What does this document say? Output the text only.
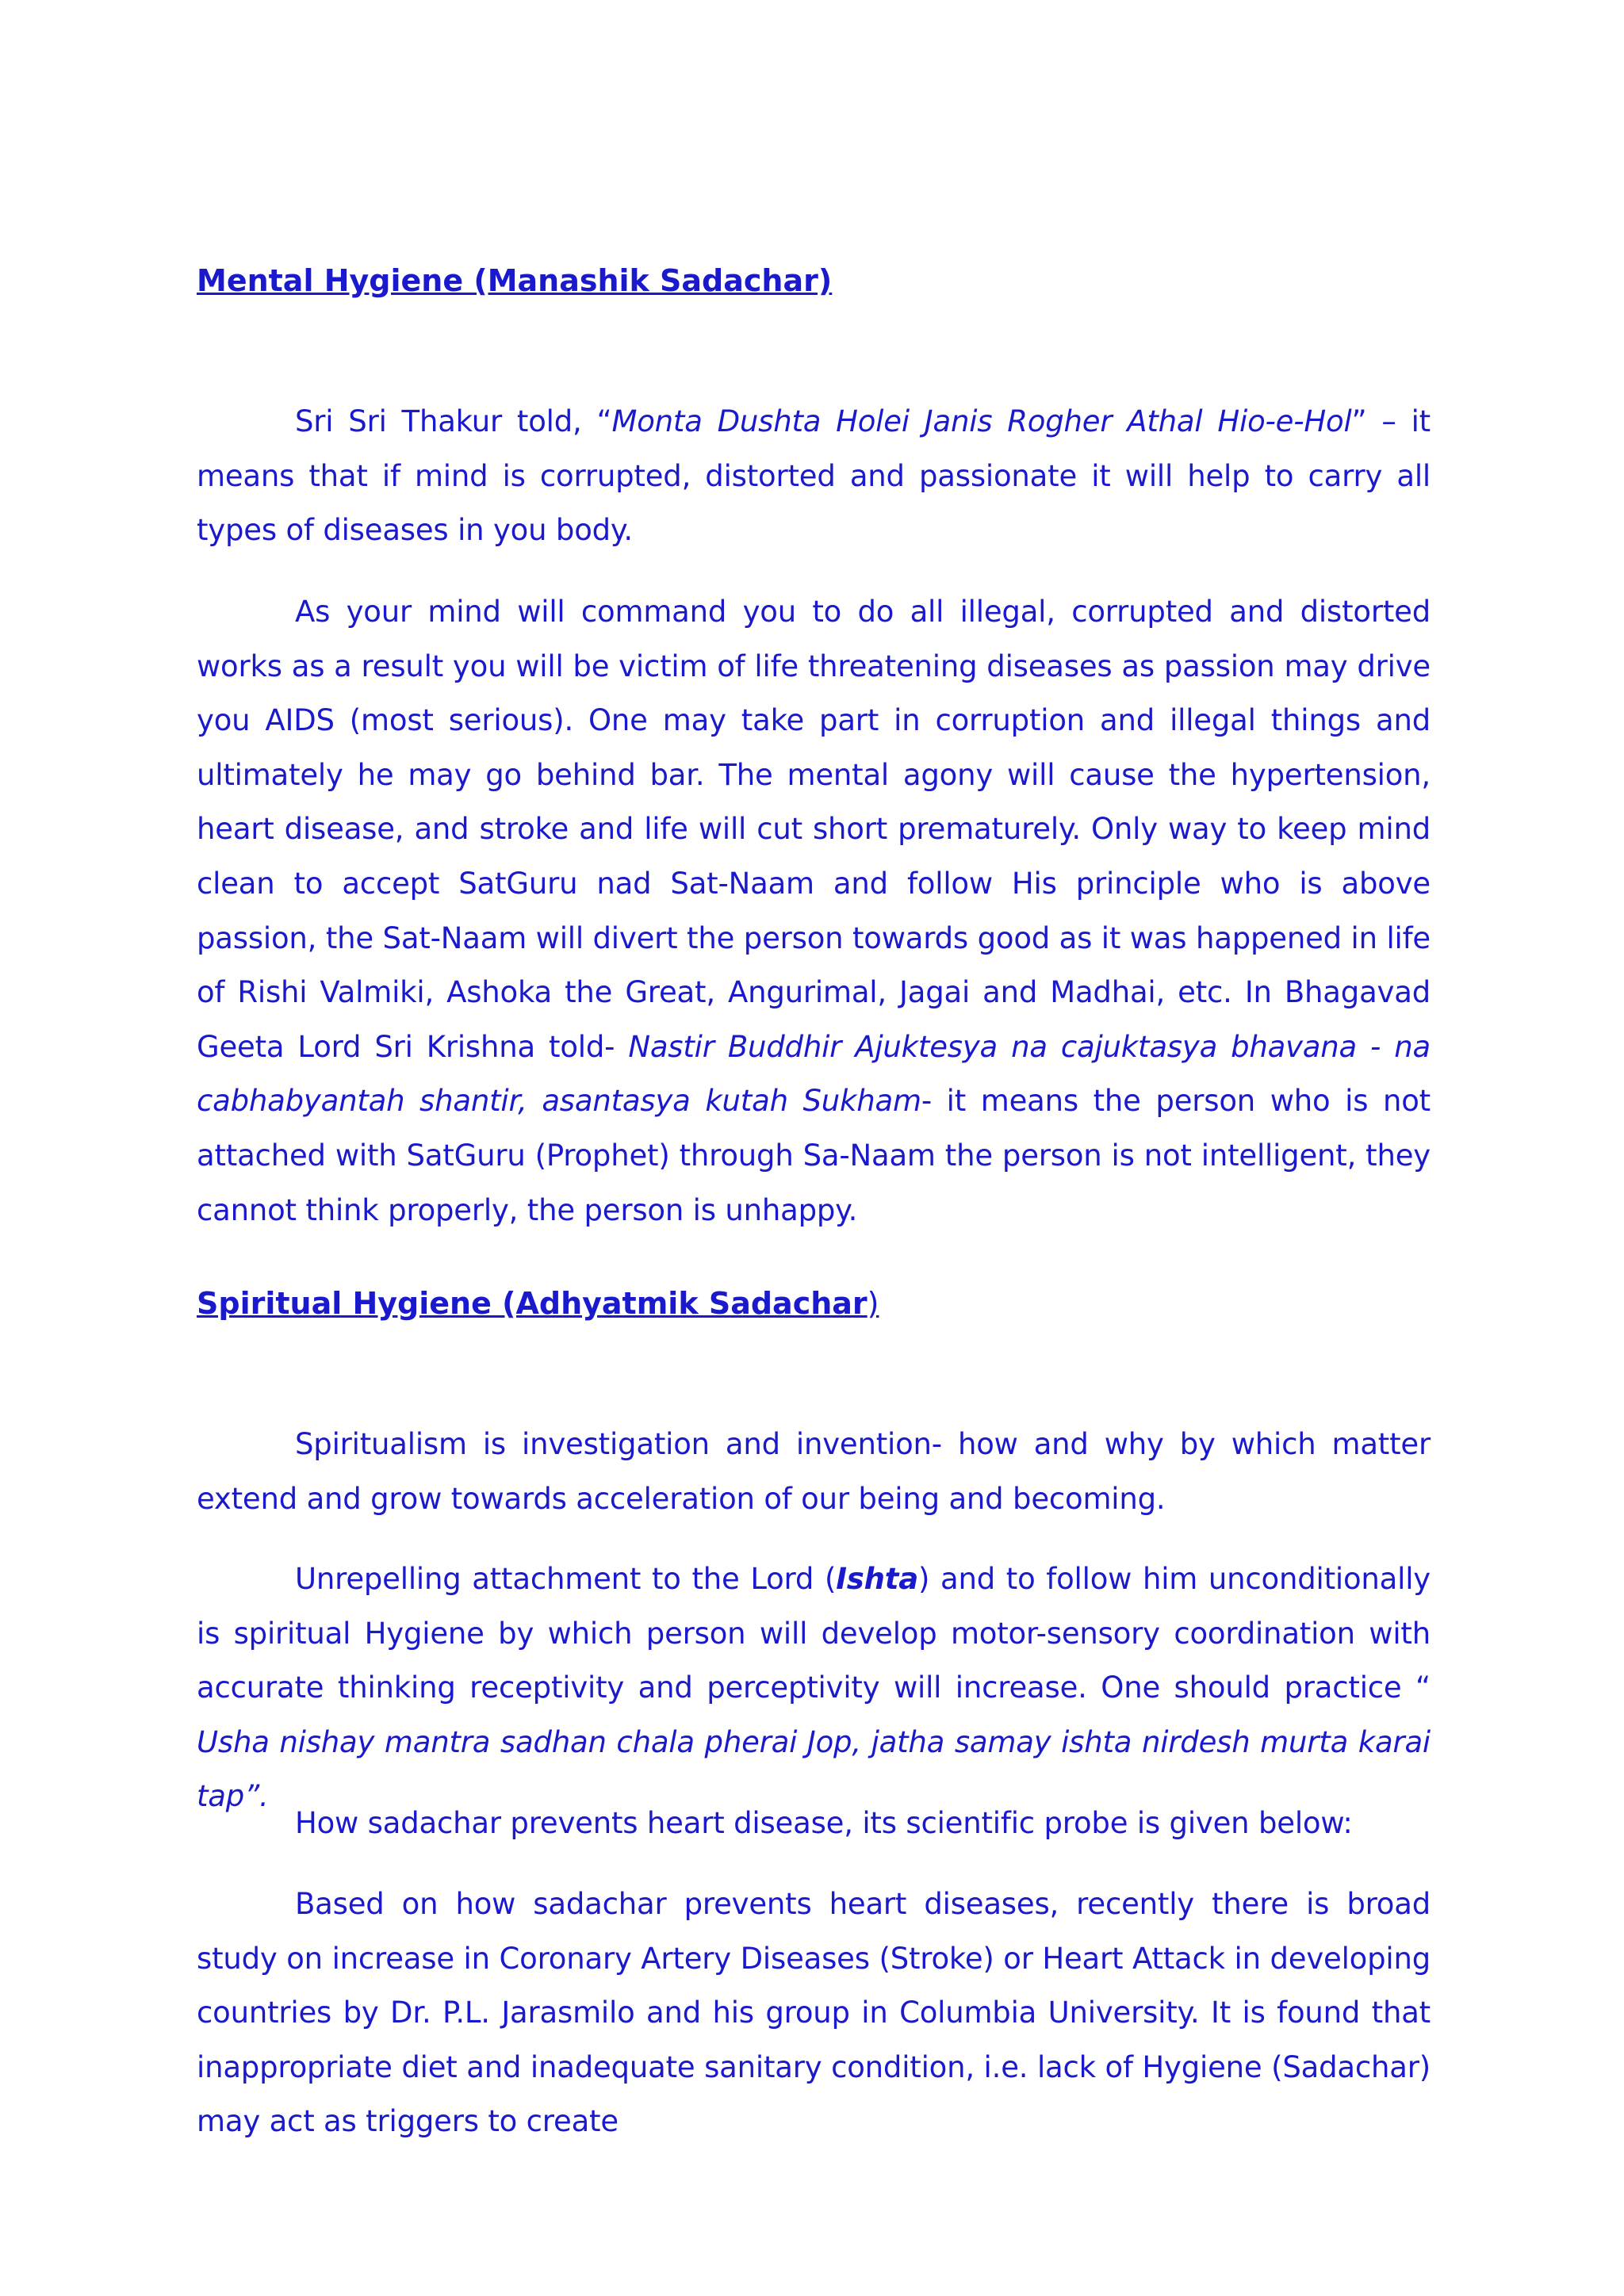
Mental Hygiene (Manashik Sadachar)

Sri Sri Thakur told, “Monta Dushta Holei Janis Rogher Athal Hio-e-Hol” – it means that if mind is corrupted, distorted and passionate it will help to carry all types of diseases in you body.

As your mind will command you to do all illegal, corrupted and distorted works as a result you will be victim of life threatening diseases as passion may drive you AIDS (most serious). One may take part in corruption and illegal things and ultimately he may go behind bar. The mental agony will cause the hypertension, heart disease, and stroke and life will cut short prematurely. Only way to keep mind clean to accept SatGuru nad Sat-Naam and follow His principle who is above passion, the Sat-Naam will divert the person towards good as it was happened in life of Rishi Valmiki, Ashoka the Great, Angurimal, Jagai and Madhai, etc. In Bhagavad Geeta Lord Sri Krishna told- Nastir Buddhir Ajuktesya na cajuktasya bhavana - na cabhabyantah shantir, asantasya kutah Sukham- it means the person who is not attached with SatGuru (Prophet) through Sa-Naam the person is not intelligent, they cannot think properly, the person is unhappy.

Spiritual Hygiene (Adhyatmik Sadachar)

Spiritualism is investigation and invention- how and why by which matter extend and grow towards acceleration of our being and becoming.

Unrepelling attachment to the Lord (Ishta) and to follow him unconditionally is spiritual Hygiene by which person will develop motor-sensory coordination with accurate thinking receptivity and perceptivity will increase. One should practice “ Usha nishay mantra sadhan chala pherai Jop, jatha samay ishta nirdesh murta karai tap”.

How sadachar prevents heart disease, its scientific probe is given below:

Based on how sadachar prevents heart diseases, recently there is broad study on increase in Coronary Artery Diseases (Stroke) or Heart Attack in developing countries by Dr. P.L. Jarasmilo and his group in Columbia University. It is found that inappropriate diet and inadequate sanitary condition, i.e. lack of Hygiene (Sadachar) may act as triggers to create
